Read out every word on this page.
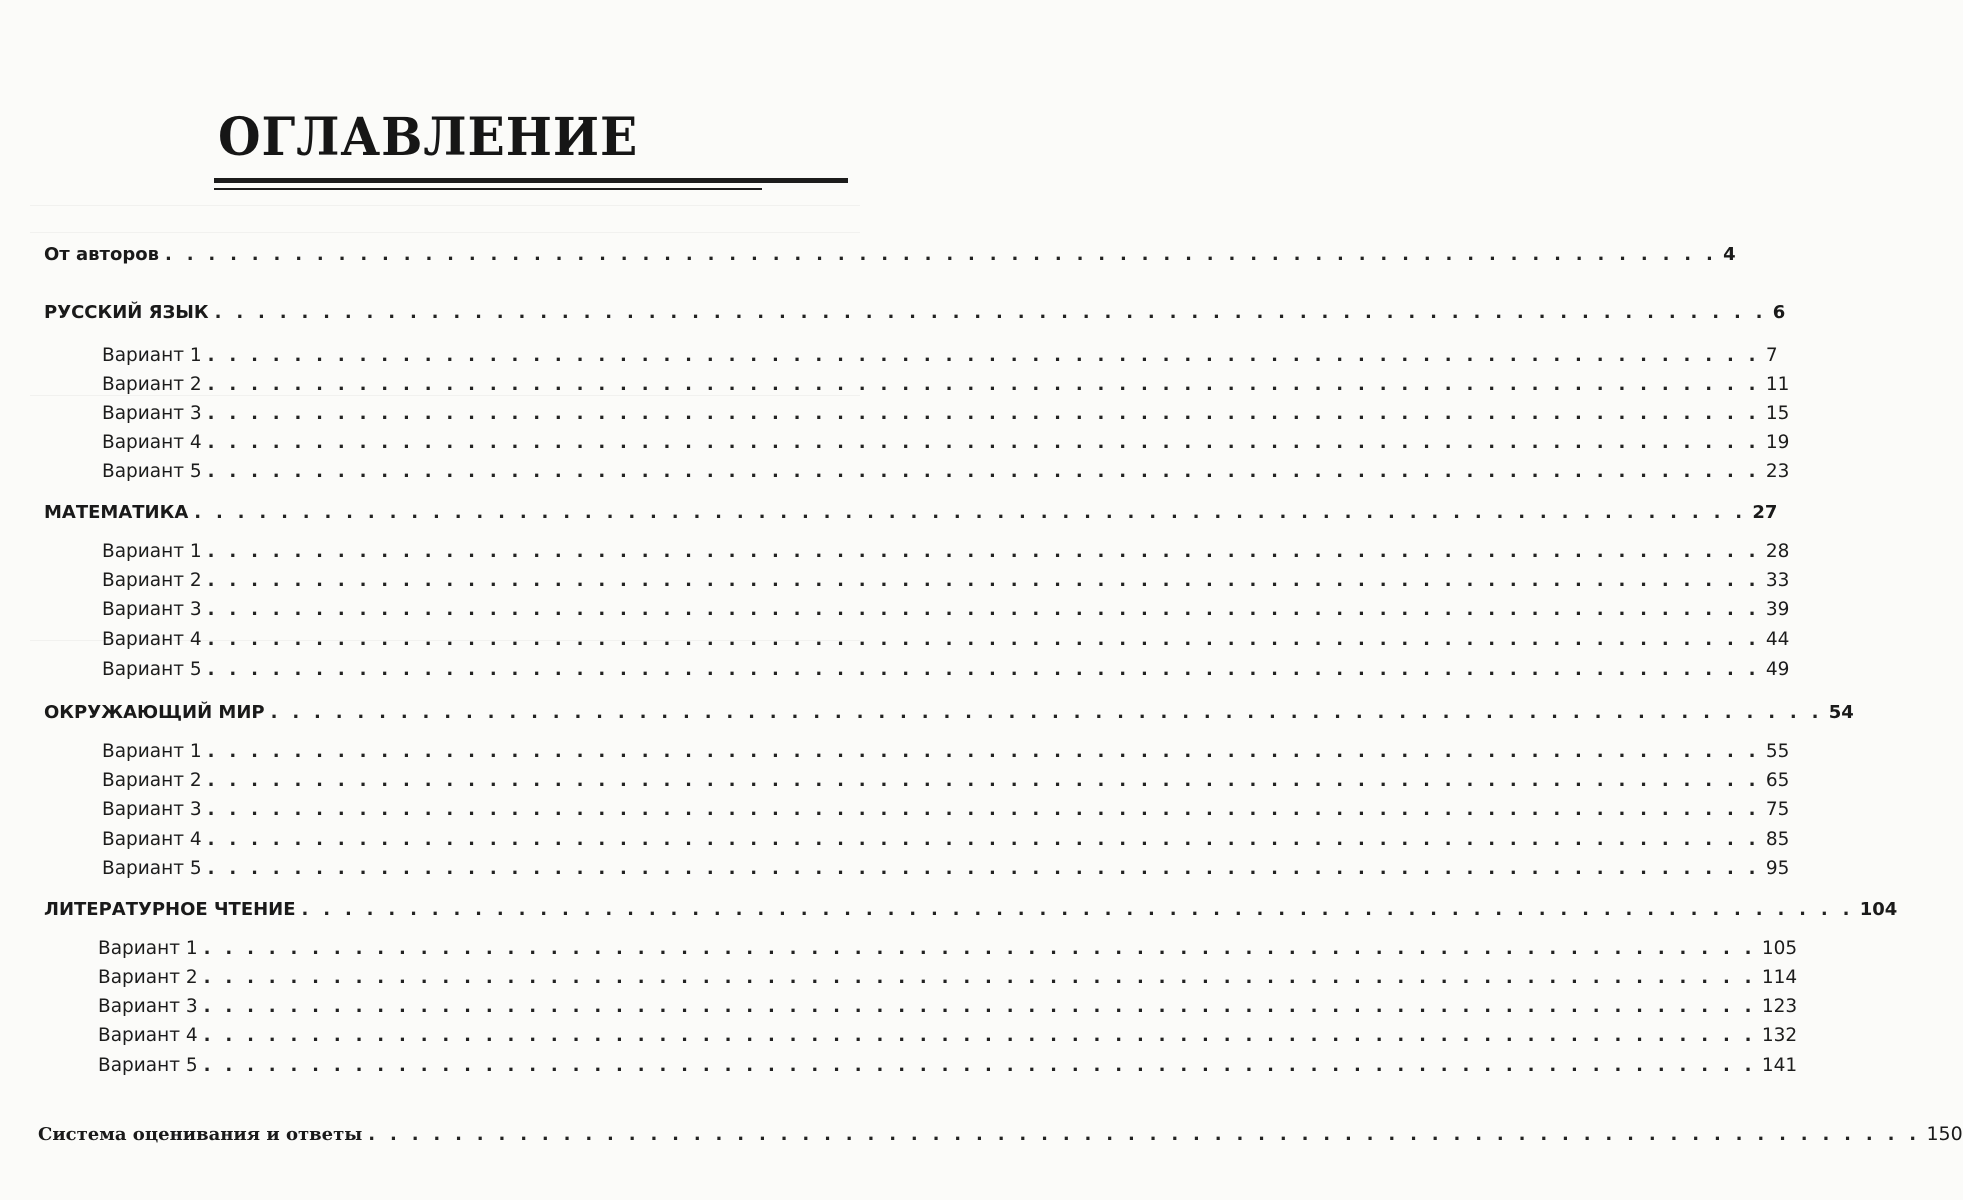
ОГЛАВЛЕНИЕ
От авторов . . . . . . . . . . . . . . . . . . . . . . . . . . . . . . . . . . . . . . . . . . . . . . . . . . . . . . . . . . . . . . . . . . . . . . . . 4
РУССКИЙ ЯЗЫК . . . . . . . . . . . . . . . . . . . . . . . . . . . . . . . . . . . . . . . . . . . . . . . . . . . . . . . . . . . . . . . . . . . . . . . . 6
Вариант 1 . . . . . . . . . . . . . . . . . . . . . . . . . . . . . . . . . . . . . . . . . . . . . . . . . . . . . . . . . . . . . . . . . . . . . . . . 7
Вариант 2 . . . . . . . . . . . . . . . . . . . . . . . . . . . . . . . . . . . . . . . . . . . . . . . . . . . . . . . . . . . . . . . . . . . . . . . . 11
Вариант 3 . . . . . . . . . . . . . . . . . . . . . . . . . . . . . . . . . . . . . . . . . . . . . . . . . . . . . . . . . . . . . . . . . . . . . . . . 15
Вариант 4 . . . . . . . . . . . . . . . . . . . . . . . . . . . . . . . . . . . . . . . . . . . . . . . . . . . . . . . . . . . . . . . . . . . . . . . . 19
Вариант 5 . . . . . . . . . . . . . . . . . . . . . . . . . . . . . . . . . . . . . . . . . . . . . . . . . . . . . . . . . . . . . . . . . . . . . . . . 23
МАТЕМАТИКА . . . . . . . . . . . . . . . . . . . . . . . . . . . . . . . . . . . . . . . . . . . . . . . . . . . . . . . . . . . . . . . . . . . . . . . . 27
Вариант 1 . . . . . . . . . . . . . . . . . . . . . . . . . . . . . . . . . . . . . . . . . . . . . . . . . . . . . . . . . . . . . . . . . . . . . . . . 28
Вариант 2 . . . . . . . . . . . . . . . . . . . . . . . . . . . . . . . . . . . . . . . . . . . . . . . . . . . . . . . . . . . . . . . . . . . . . . . . 33
Вариант 3 . . . . . . . . . . . . . . . . . . . . . . . . . . . . . . . . . . . . . . . . . . . . . . . . . . . . . . . . . . . . . . . . . . . . . . . . 39
Вариант 4 . . . . . . . . . . . . . . . . . . . . . . . . . . . . . . . . . . . . . . . . . . . . . . . . . . . . . . . . . . . . . . . . . . . . . . . . 44
Вариант 5 . . . . . . . . . . . . . . . . . . . . . . . . . . . . . . . . . . . . . . . . . . . . . . . . . . . . . . . . . . . . . . . . . . . . . . . . 49
ОКРУЖАЮЩИЙ МИР . . . . . . . . . . . . . . . . . . . . . . . . . . . . . . . . . . . . . . . . . . . . . . . . . . . . . . . . . . . . . . . . . . . . . . . . 54
Вариант 1 . . . . . . . . . . . . . . . . . . . . . . . . . . . . . . . . . . . . . . . . . . . . . . . . . . . . . . . . . . . . . . . . . . . . . . . . 55
Вариант 2 . . . . . . . . . . . . . . . . . . . . . . . . . . . . . . . . . . . . . . . . . . . . . . . . . . . . . . . . . . . . . . . . . . . . . . . . 65
Вариант 3 . . . . . . . . . . . . . . . . . . . . . . . . . . . . . . . . . . . . . . . . . . . . . . . . . . . . . . . . . . . . . . . . . . . . . . . . 75
Вариант 4 . . . . . . . . . . . . . . . . . . . . . . . . . . . . . . . . . . . . . . . . . . . . . . . . . . . . . . . . . . . . . . . . . . . . . . . . 85
Вариант 5 . . . . . . . . . . . . . . . . . . . . . . . . . . . . . . . . . . . . . . . . . . . . . . . . . . . . . . . . . . . . . . . . . . . . . . . . 95
ЛИТЕРАТУРНОЕ ЧТЕНИЕ . . . . . . . . . . . . . . . . . . . . . . . . . . . . . . . . . . . . . . . . . . . . . . . . . . . . . . . . . . . . . . . . . . . . . . . . 104
Вариант 1 . . . . . . . . . . . . . . . . . . . . . . . . . . . . . . . . . . . . . . . . . . . . . . . . . . . . . . . . . . . . . . . . . . . . . . . . 105
Вариант 2 . . . . . . . . . . . . . . . . . . . . . . . . . . . . . . . . . . . . . . . . . . . . . . . . . . . . . . . . . . . . . . . . . . . . . . . . 114
Вариант 3 . . . . . . . . . . . . . . . . . . . . . . . . . . . . . . . . . . . . . . . . . . . . . . . . . . . . . . . . . . . . . . . . . . . . . . . . 123
Вариант 4 . . . . . . . . . . . . . . . . . . . . . . . . . . . . . . . . . . . . . . . . . . . . . . . . . . . . . . . . . . . . . . . . . . . . . . . . 132
Вариант 5 . . . . . . . . . . . . . . . . . . . . . . . . . . . . . . . . . . . . . . . . . . . . . . . . . . . . . . . . . . . . . . . . . . . . . . . . 141
Система оценивания и ответы . . . . . . . . . . . . . . . . . . . . . . . . . . . . . . . . . . . . . . . . . . . . . . . . . . . . . . . . . . . . . . . . . . . . . . . . 150
